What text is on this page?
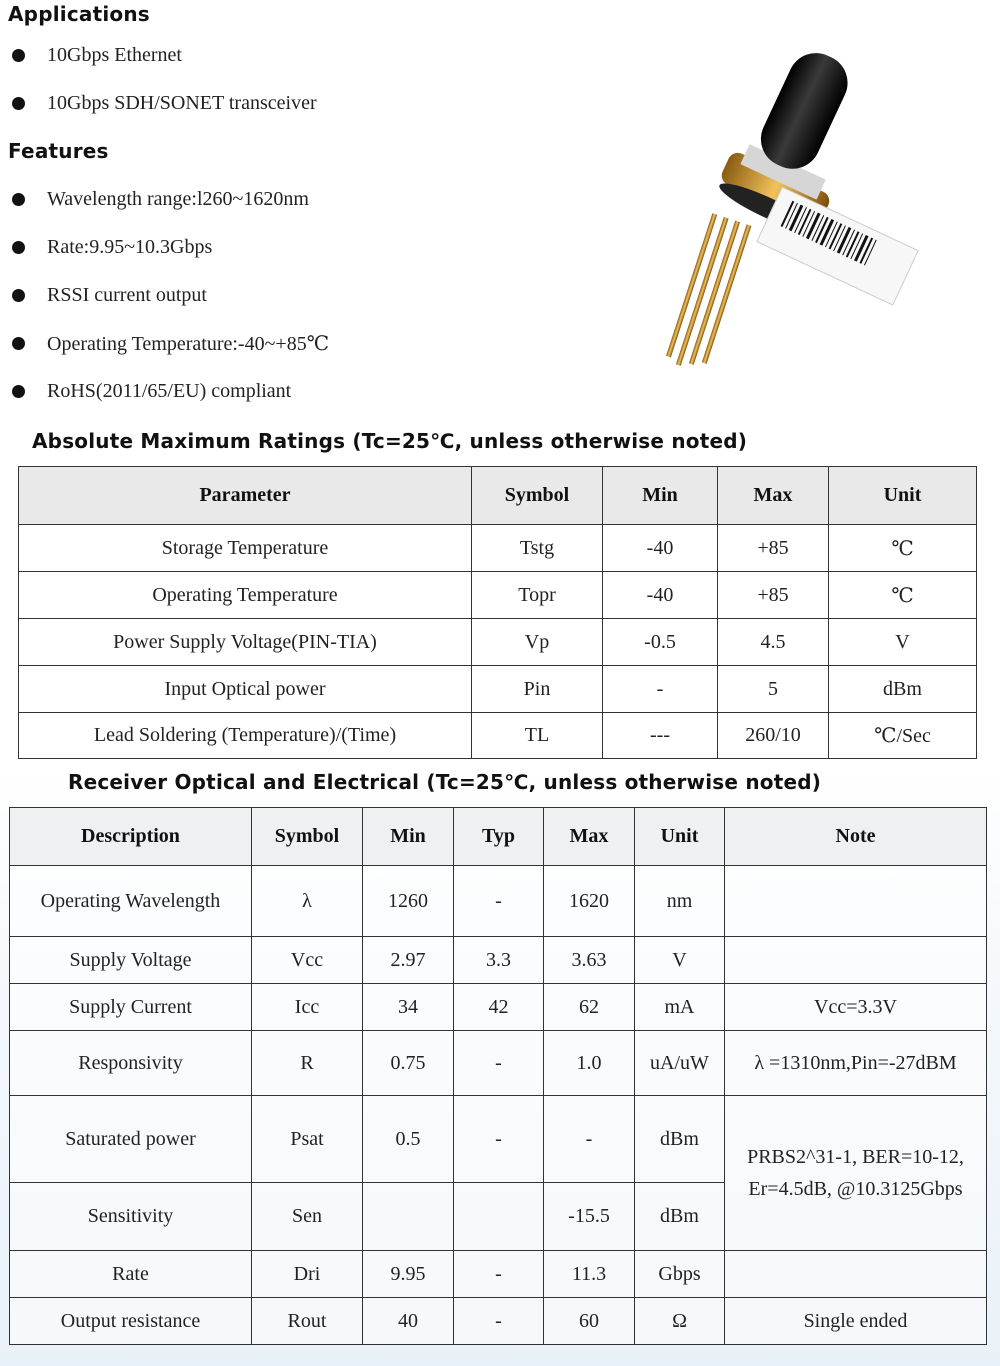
Applications
10Gbps Ethernet
10Gbps SDH/SONET transceiver
Features
Wavelength range:l260~1620nm
Rate:9.95~10.3Gbps
RSSI current output
Operating Temperature:-40~+85℃
RoHS(2011/65/EU) compliant
Absolute Maximum Ratings (Tc=25℃, unless otherwise noted)
Parameter	Symbol	Min	Max	Unit
Storage Temperature	Tstg	-40	+85	℃
Operating Temperature	Topr	-40	+85	℃
Power Supply Voltage(PIN-TIA)	Vp	-0.5	4.5	V
Input Optical power	Pin	-	5	dBm
Lead Soldering (Temperature)/(Time)	TL	---	260/10	℃/Sec
Receiver Optical and Electrical (Tc=25℃, unless otherwise noted)
Description	Symbol	Min	Typ	Max	Unit	Note
Operating Wavelength	λ	1260	-	1620	nm	
Supply Voltage	Vcc	2.97	3.3	3.63	V	
Supply Current	Icc	34	42	62	mA	Vcc=3.3V
Responsivity	R	0.75	-	1.0	uA/uW	λ =1310nm,Pin=-27dBM
Saturated power	Psat	0.5	-	-	dBm	PRBS2^31-1, BER=10-12, Er=4.5dB, @10.3125Gbps
Sensitivity	Sen			-15.5	dBm	
Rate	Dri	9.95	-	11.3	Gbps	
Output resistance	Rout	40	-	60	Ω	Single ended
